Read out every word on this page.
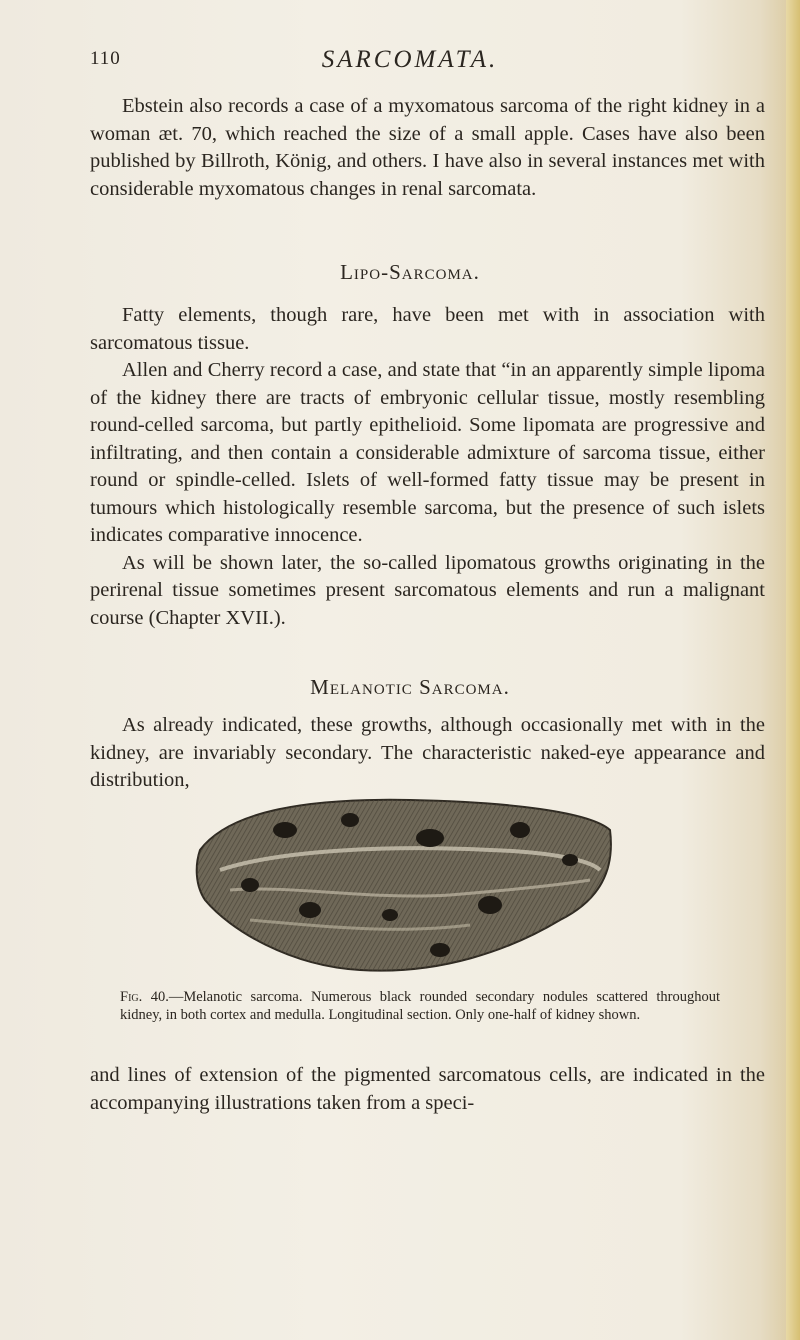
110	SARCOMATA.

Ebstein also records a case of a myxomatous sarcoma of the right kidney in a woman æt. 70, which reached the size of a small apple. Cases have also been published by Billroth, König, and others. I have also in several instances met with considerable myxomatous changes in renal sarcomata.

Lipo-Sarcoma.

Fatty elements, though rare, have been met with in association with sarcomatous tissue.

Allen and Cherry record a case, and state that “in an apparently simple lipoma of the kidney there are tracts of embryonic cellular tissue, mostly resembling round-celled sarcoma, but partly epithelioid. Some lipomata are progressive and infiltrating, and then contain a considerable admixture of sarcoma tissue, either round or spindle-celled. Islets of well-formed fatty tissue may be present in tumours which histologically resemble sarcoma, but the presence of such islets indicates comparative innocence.

As will be shown later, the so-called lipomatous growths originating in the perirenal tissue sometimes present sarcomatous elements and run a malignant course (Chapter XVII.).

Melanotic Sarcoma.

As already indicated, these growths, although occasionally met with in the kidney, are invariably secondary. The characteristic naked-eye appearance and distribution,

Fig. 40.—Melanotic sarcoma. Numerous black rounded secondary nodules scattered throughout kidney, in both cortex and medulla. Longitudinal section. Only one-half of kidney shown.

and lines of extension of the pigmented sarcomatous cells, are indicated in the accompanying illustrations taken from a speci-
